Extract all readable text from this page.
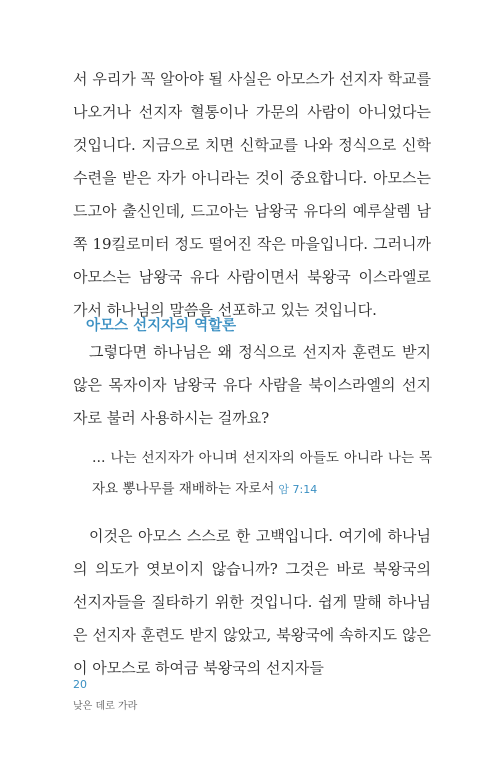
서 우리가 꼭 알아야 될 사실은 아모스가 선지자 학교를 나오거나 선지자 혈통이나 가문의 사람이 아니었다는 것입니다. 지금으로 치면 신학교를 나와 정식으로 신학 수련을 받은 자가 아니라는 것이 중요합니다. 아모스는 드고아 출신인데, 드고아는 남왕국 유다의 예루살렘 남쪽 19킬로미터 정도 떨어진 작은 마을입니다. 그러니까 아모스는 남왕국 유다 사람이면서 북왕국 이스라엘로 가서 하나님의 말씀을 선포하고 있는 것입니다.

아모스 선지자의 역할론

그렇다면 하나님은 왜 정식으로 선지자 훈련도 받지 않은 목자이자 남왕국 유다 사람을 북이스라엘의 선지자로 불러 사용하시는 걸까요?

… 나는 선지자가 아니며 선지자의 아들도 아니라 나는 목자요 뽕나무를 재배하는 자로서 암 7:14

이것은 아모스 스스로 한 고백입니다. 여기에 하나님의 의도가 엿보이지 않습니까? 그것은 바로 북왕국의 선지자들을 질타하기 위한 것입니다. 쉽게 말해 하나님은 선지자 훈련도 받지 않았고, 북왕국에 속하지도 않은 이 아모스로 하여금 북왕국의 선지자들

20
낮은 데로 가라
